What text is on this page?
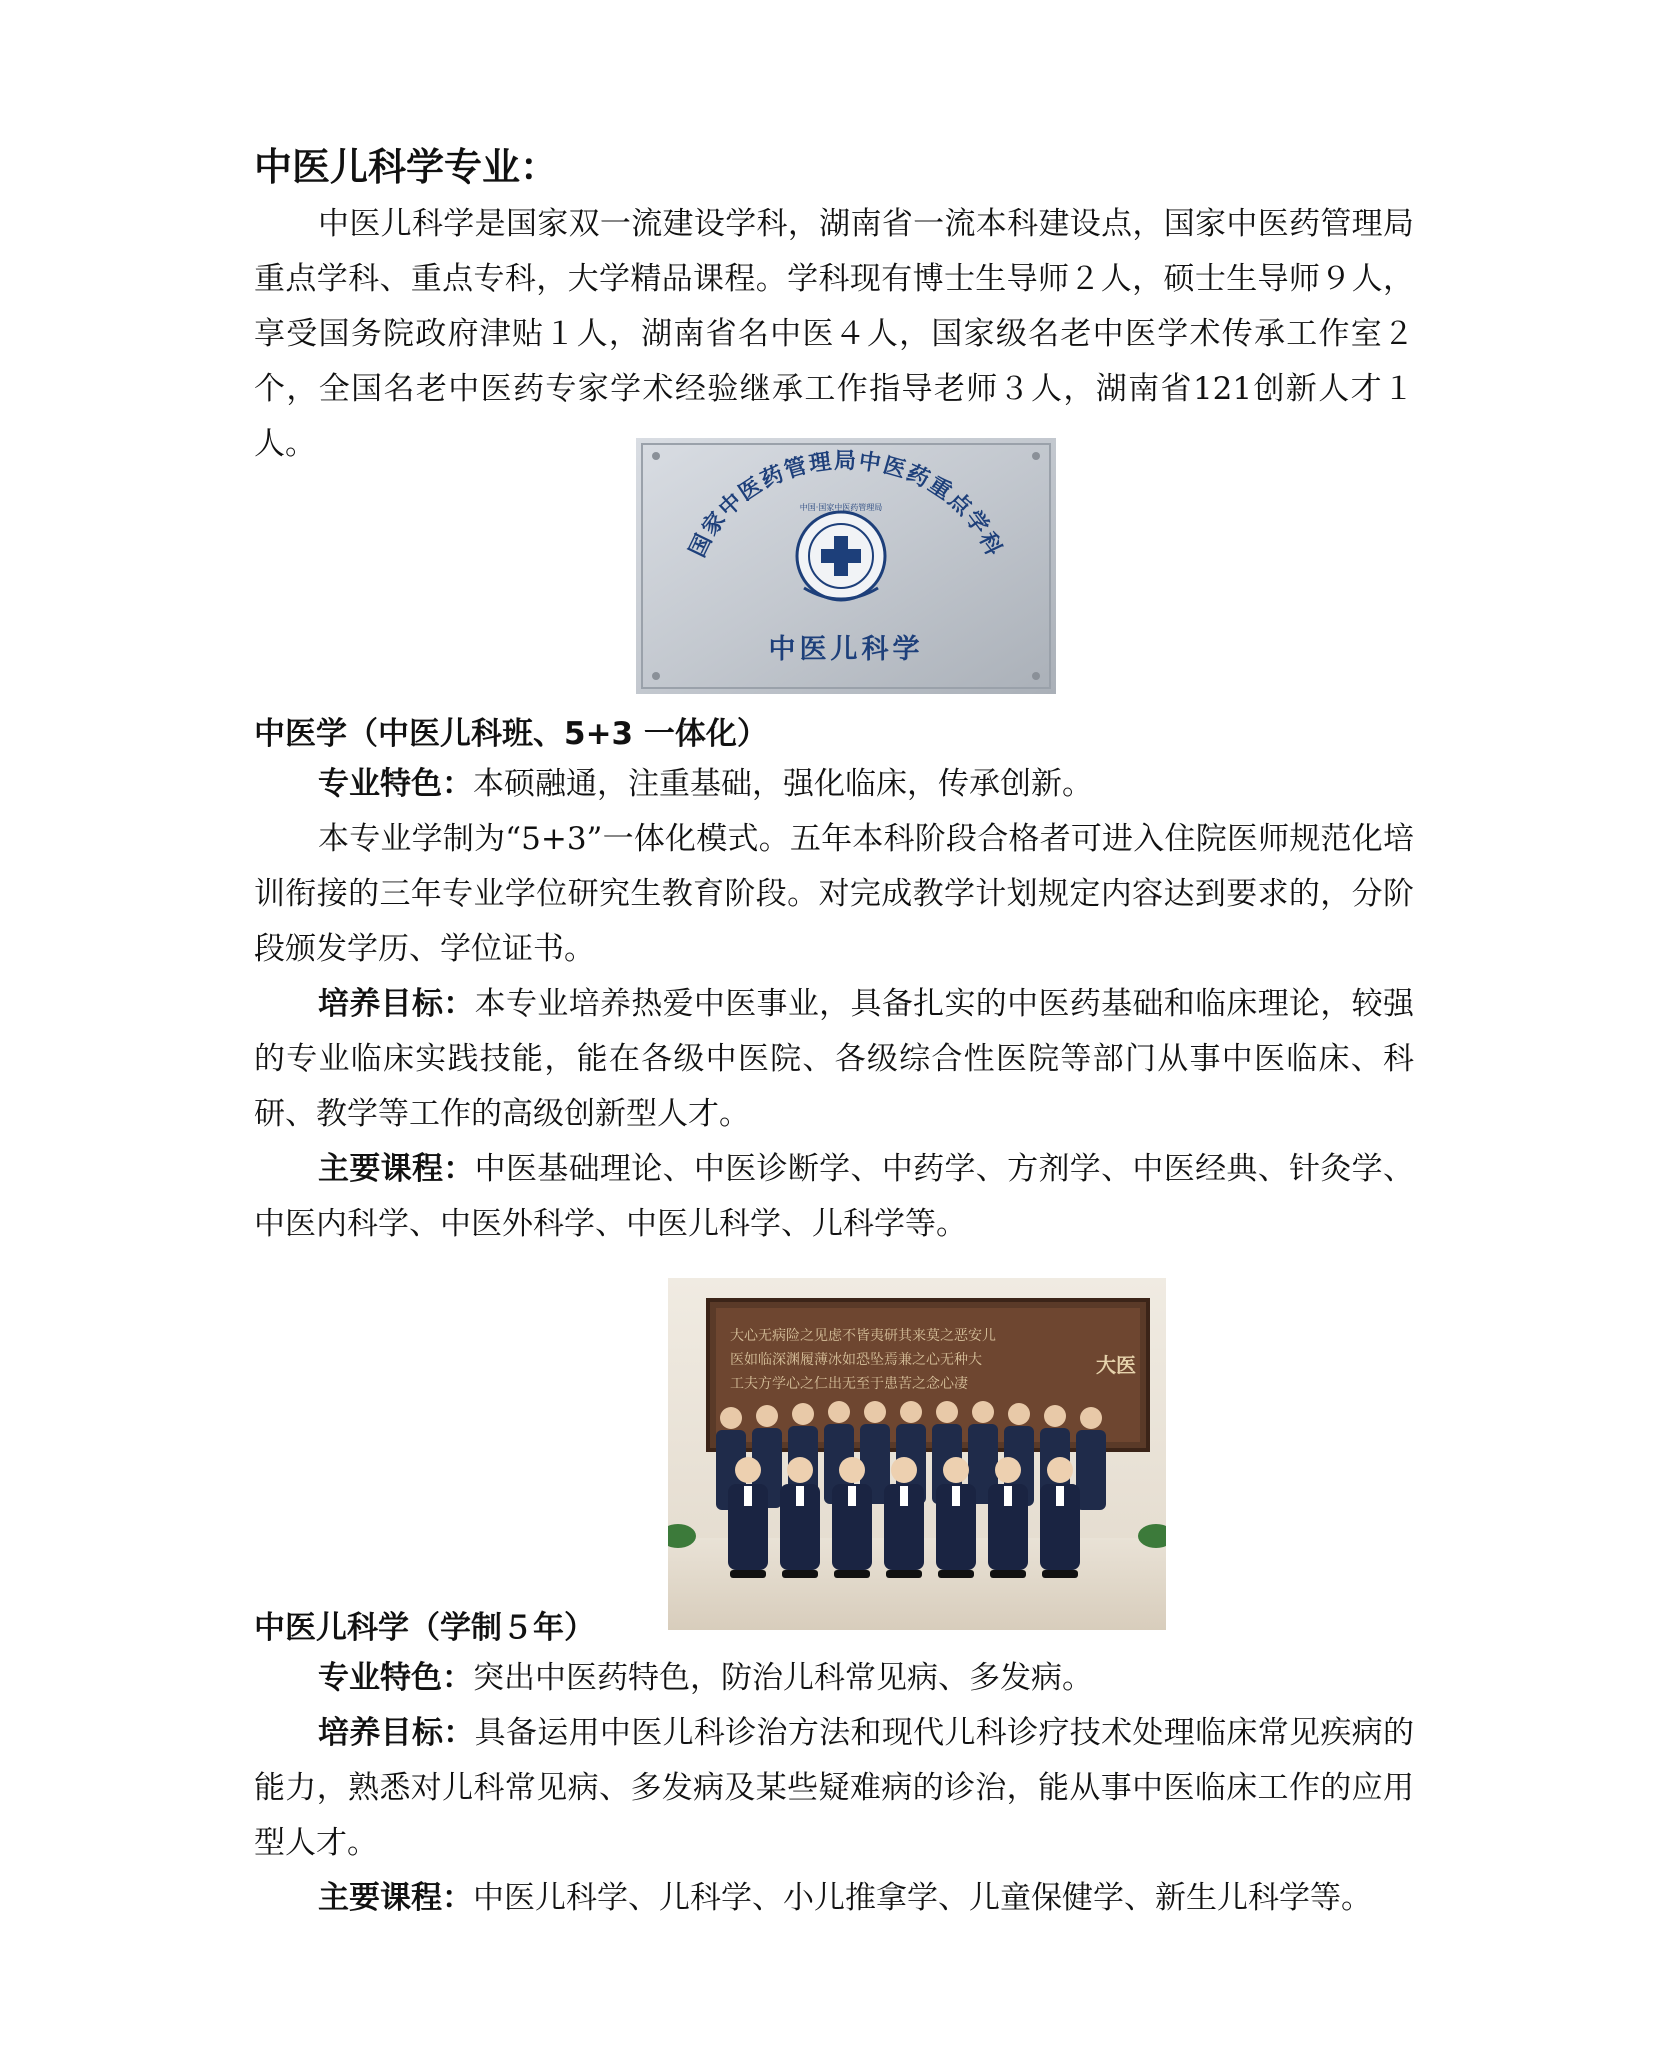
中医儿科学专业：

中医儿科学是国家双一流建设学科，湖南省一流本科建设点，国家中医药管理局重点学科、重点专科，大学精品课程。学科现有博士生导师２人，硕士生导师９人，享受国务院政府津贴１人，湖南省名中医４人，国家级名老中医学术传承工作室２个，全国名老中医药专家学术经验继承工作指导老师３人，湖南省121创新人才１人。

国家中医药管理局中医药重点学科
中国·国家中医药管理局
中医儿科学
中医学（中医儿科班、5+3 一体化）

专业特色：本硕融通，注重基础，强化临床，传承创新。

本专业学制为“5+3”一体化模式。五年本科阶段合格者可进入住院医师规范化培训衔接的三年专业学位研究生教育阶段。对完成教学计划规定内容达到要求的，分阶段颁发学历、学位证书。

培养目标：本专业培养热爱中医事业，具备扎实的中医药基础和临床理论，较强的专业临床实践技能，能在各级中医院、各级综合性医院等部门从事中医临床、科研、教学等工作的高级创新型人才。

主要课程：中医基础理论、中医诊断学、中药学、方剂学、中医经典、针灸学、中医内科学、中医外科学、中医儿科学、儿科学等。

大心无病险之见虑不皆夷研其来莫之恶安儿
医如临深渊履薄冰如恐坠焉兼之心无种大
工夫方学心之仁出无至于患苦之念心凄
大医
中医儿科学（学制５年）

专业特色：突出中医药特色，防治儿科常见病、多发病。

培养目标：具备运用中医儿科诊治方法和现代儿科诊疗技术处理临床常见疾病的能力，熟悉对儿科常见病、多发病及某些疑难病的诊治，能从事中医临床工作的应用型人才。

主要课程：中医儿科学、儿科学、小儿推拿学、儿童保健学、新生儿科学等。
